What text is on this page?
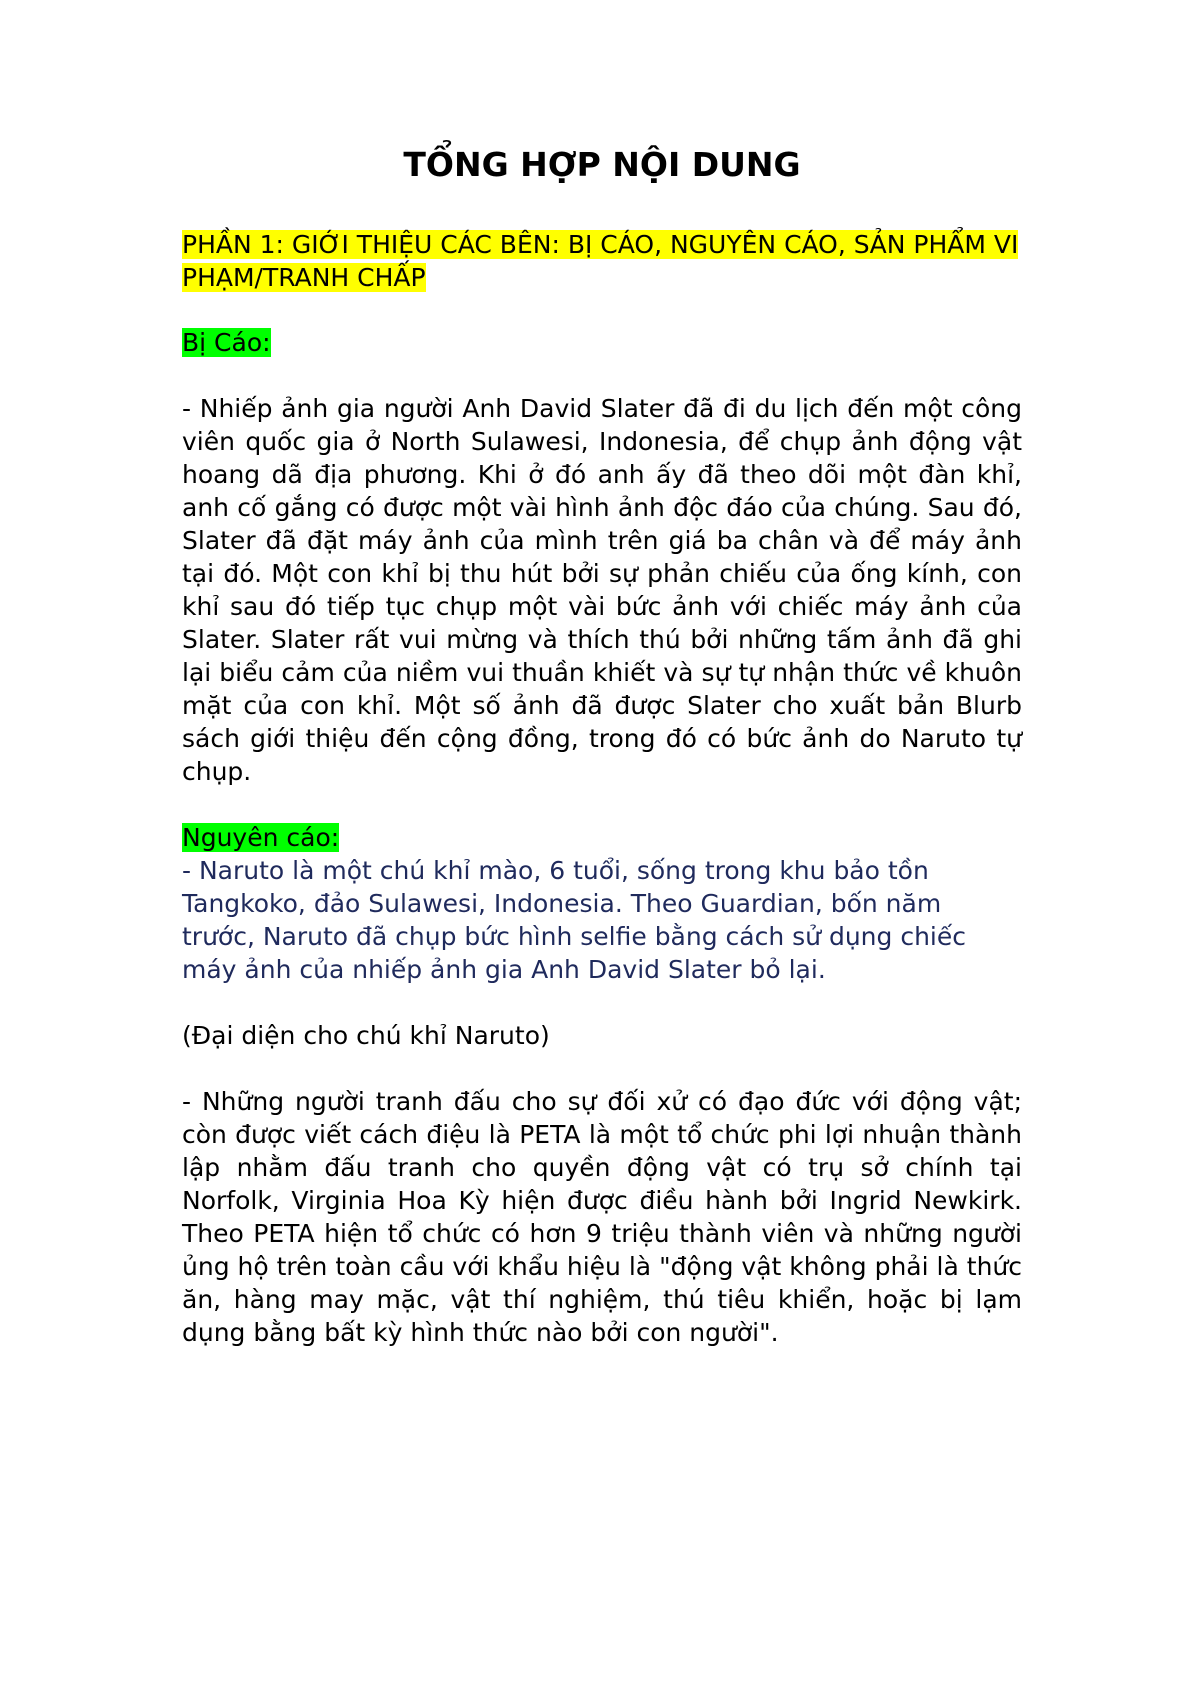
TỔNG HỢP NỘI DUNG
PHẦN 1: GIỚI THIỆU CÁC BÊN: BỊ CÁO, NGUYÊN CÁO, SẢN PHẨM VI PHẠM/TRANH CHẤP
Bị Cáo:

- Nhiếp ảnh gia người Anh David Slater đã đi du lịch đến một công viên quốc gia ở North Sulawesi, Indonesia, để chụp ảnh động vật hoang dã địa phương. Khi ở đó anh ấy đã theo dõi một đàn khỉ, anh cố gắng có được một vài hình ảnh độc đáo của chúng. Sau đó, Slater đã đặt máy ảnh của mình trên giá ba chân và để máy ảnh tại đó. Một con khỉ bị thu hút bởi sự phản chiếu của ống kính, con khỉ sau đó tiếp tục chụp một vài bức ảnh với chiếc máy ảnh của Slater. Slater rất vui mừng và thích thú bởi những tấm ảnh đã ghi lại biểu cảm của niềm vui thuần khiết và sự tự nhận thức về khuôn mặt của con khỉ. Một số ảnh đã được Slater cho xuất bản Blurb sách giới thiệu đến cộng đồng, trong đó có bức ảnh do Naruto tự chụp.

Nguyên cáo:

- Naruto là một chú khỉ mào, 6 tuổi, sống trong khu bảo tồn Tangkoko, đảo Sulawesi, Indonesia. Theo Guardian, bốn năm trước, Naruto đã chụp bức hình selfie bằng cách sử dụng chiếc máy ảnh của nhiếp ảnh gia Anh David Slater bỏ lại.

(Đại diện cho chú khỉ Naruto)

- Những người tranh đấu cho sự đối xử có đạo đức với động vật; còn được viết cách điệu là PETA là một tổ chức phi lợi nhuận thành lập nhằm đấu tranh cho quyền động vật có trụ sở chính tại Norfolk, Virginia Hoa Kỳ hiện được điều hành bởi Ingrid Newkirk. Theo PETA hiện tổ chức có hơn 9 triệu thành viên và những người ủng hộ trên toàn cầu với khẩu hiệu là "động vật không phải là thức ăn, hàng may mặc, vật thí nghiệm, thú tiêu khiển, hoặc bị lạm dụng bằng bất kỳ hình thức nào bởi con người".
